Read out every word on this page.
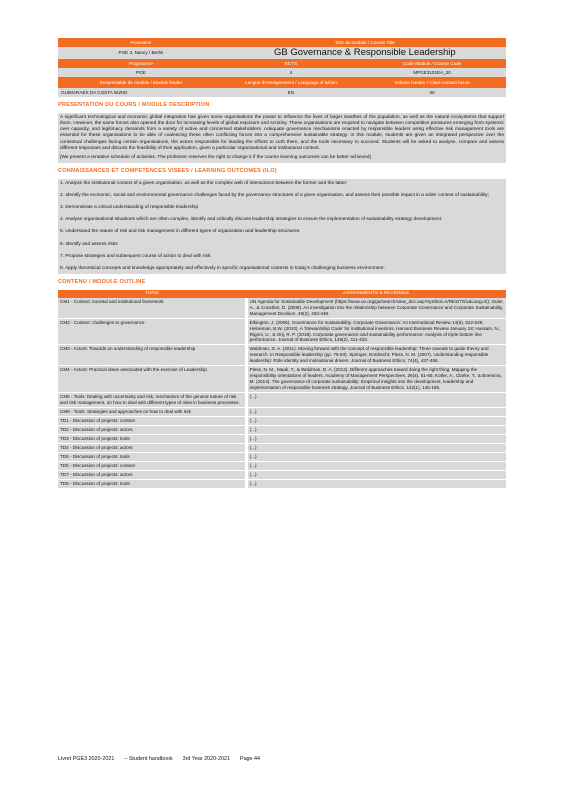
Promotion	Titre du module / Course Title	
PGE 3, Nancy / Berlin	GB Governance & Responsible Leadership	
Programme	ECTS	Code Module / Course Code
PGE	4	MPGE3101EA_20
Responsable de module / Module leader	Langue d'enseignement / Language of tuition	Volume horaire / Class contact hours
GUIMARAES DA COSTA NUNO	EN	30
PRESENTATION DU COURS / MODULE DESCRIPTION

A significant technological and economic global integration has given some organisations the power to influence the lives of larger swathes of the population, as well as the natural ecosystems that support them. However, the same forces also opened the door for increasing levels of global exposure and scrutiny. These organisations are required to navigate between competitive pressures emerging from systemic over capacity, and legitimacy demands from a variety of active and concerned stakeholders. Adequate governance mechanisms enacted by responsible leaders using effective risk management tools are essential for these organisations to be able of coalescing these often conflicting forces into a comprehensive sustainable strategy. In this module, students are given an integrated perspective over the contextual challenges facing certain organisations, the actors responsible for leading the efforts to curb them, and the tools necessary to succeed. Students will be asked to analyse, compare and assess different responses and discuss the feasibility of their application, given a particular organisational and institutional context.

[We present a tentative schedule of activities. The professor reserves the right to change it if the course learning outcomes can be better achieved]

CONNAISSANCES ET COMPETENCES VISEES / LEARNING OUTCOMES (ILO)

1. Analyse the institutional context of a given organisation, as well as the complex web of interactions between the former and the latter;

2. Identify the economic, social and environmental governance challenges faced by the governance structures of a given organisation, and assess their possible impact in a wider context of sustainability;

3. Demonstrate a critical understanding of responsible leadership

4. Analyse organisational situations which are often complex, identify and critically discuss leadership strategies to ensure the implementation of sustainability strategy development.

5. Understand the nature of risk and risk management in different types of organization and leadership structures.

6. Identify and assess risks

7. Propose strategies and subsequent course of action to deal with risk

8. Apply theoretical concepts and knowledge appropriately and effectively in specific organisational contexts in today's challenging business environment.

CONTENU / MODULE OUTLINE
TOPIC	ASSIGNMENTS & READINGS
CM1 - Context: societal and institutional framework	UN Agenda for Sustainable Development (https://www.un.org/ga/search/view_doc.asp?symbol=A/RES/70/1&Lang=E); Guler, A., & Crowther, D. (2008). An investigation into the relationship between Corporate Governance and Corporate Sustainability. Management Decision, 46(3), 433-448.
CM2 - Context: challenges to governance	Elkington, J. (2006). Governance for sustainability. Corporate Governance: An International Review 14(6), 522-529; Heineman, B.W. (2010). A 'Stewardship Code' for institutional investors. Harvard Business Review January 18; Hussain, N., Rigoni, U., & Orij, R. P. (2018). Corporate governance and sustainability performance: Analysis of triple bottom line performance. Journal of Business Ethics, 149(2), 411-432.
CM3 - Actors: Towards an understanding of responsible leadership	Waldman, D. A. (2011). Moving forward with the concept of responsible leadership: Three caveats to guide theory and research. In Responsible leadership (pp. 75-83). Springer, Dordrecht; Pless, N. M. (2007). Understanding responsible leadership: Role identity and motivational drivers. Journal of Business Ethics, 74(4), 437-456.
CM4 - Actors: Practical ideas associated with the exercise of Leadership	Pless, N. M., Maak, T., & Waldman, D. A. (2012). Different approaches toward doing the right thing: Mapping the responsibility orientations of leaders. Academy of Management Perspectives, 26(4), 51-65; Kotler, A., Clarke, T., & Boersma, M. (2014). The governance of corporate sustainability: Empirical insights into the development, leadership and implementation of responsible business strategy. Journal of Business Ethics, 122(1), 145-165.
CM5 - Tools: Dealing with uncertainty and risk, mechanism of the general nature of risk and risk management, on how to deal with different types of risks in business processes.	(...)
CM6 - Tools: Strategies and approaches on how to deal with risk	(...)
TD1 - Discussion of projects: context	(...)
TD2 - Discussion of projects: actors	(...)
TD3 - Discussion of projects: tools	(...)
TD4 - Discussion of projects: actors	(...)
TD5 - Discussion of projects: tools	(...)
TD6 - Discussion of projects: context	(...)
TD7 - Discussion of projects: actors	(...)
TD8 - Discussion of projects: tools	(...)
Livret PGE3 2020-2021 – Student handbook 3rd Year 2020-2021 Page 44
